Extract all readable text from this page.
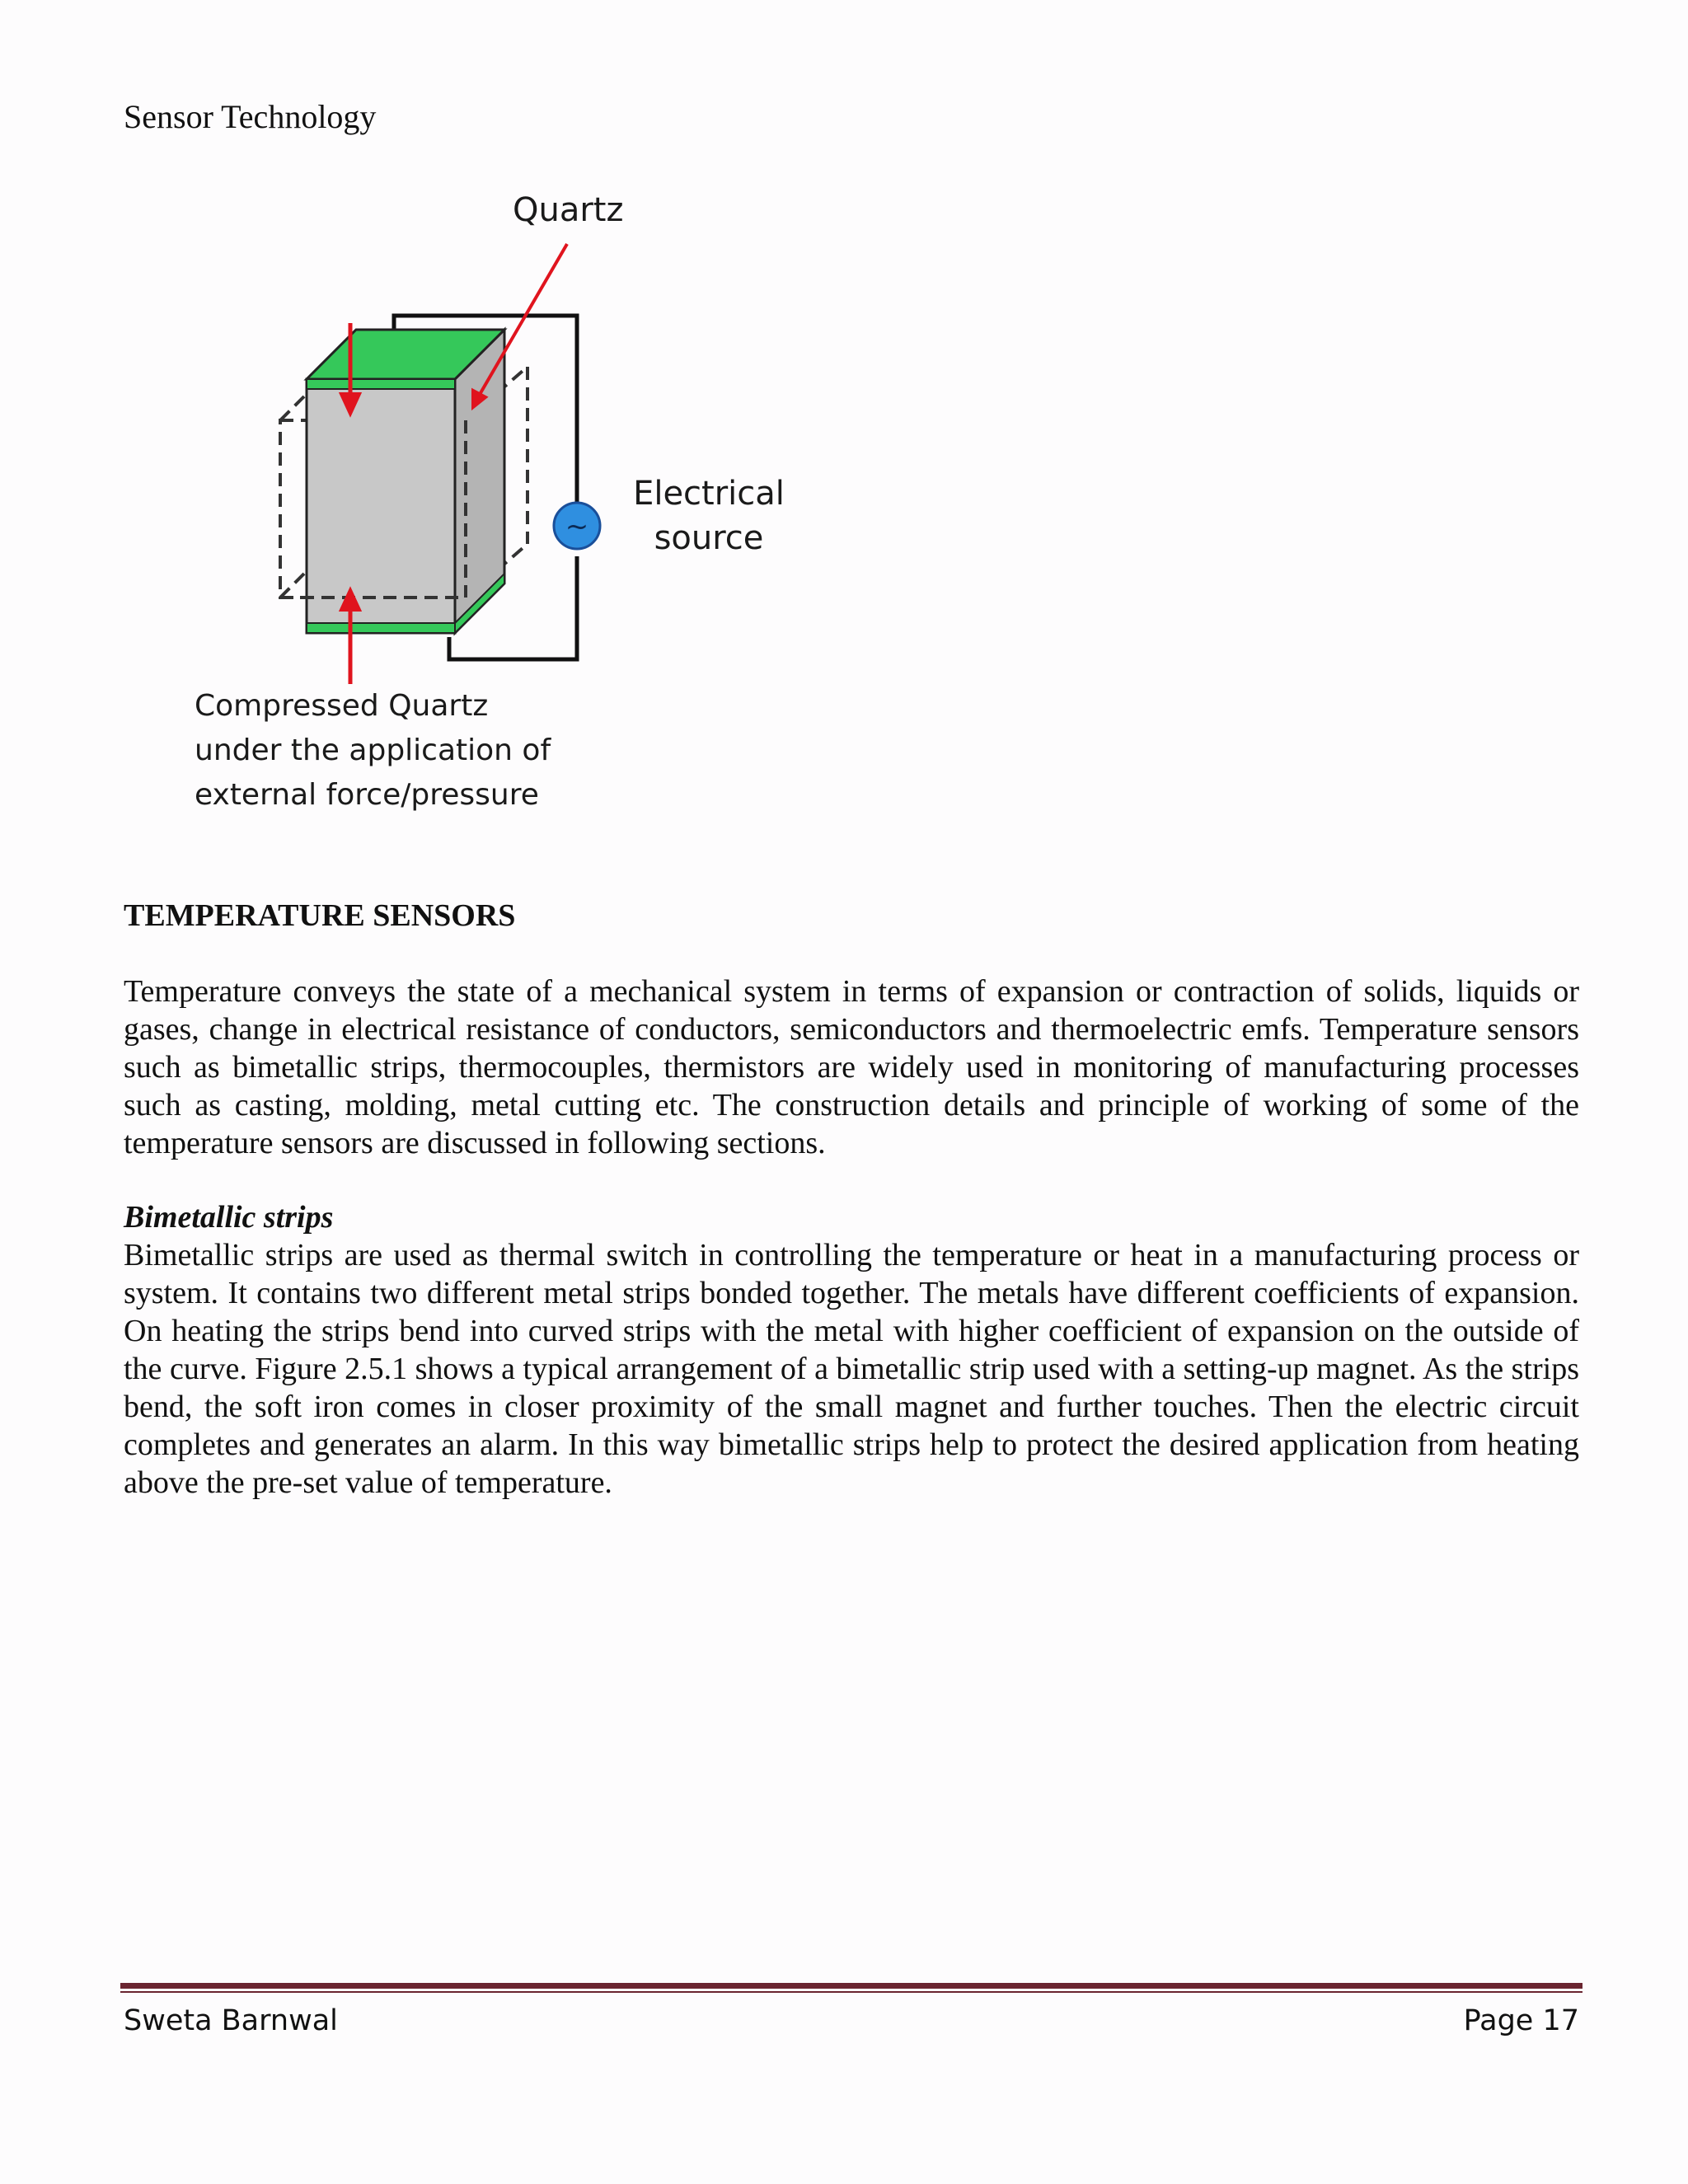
Sensor Technology
~
Quartz
Electrical
source
Compressed Quartz
under the application of
external force/pressure
TEMPERATURE SENSORS

Temperature conveys the state of a mechanical system in terms of expansion or contraction of solids, liquids or gases, change in electrical resistance of conductors, semiconductors and thermoelectric emfs. Temperature sensors such as bimetallic strips, thermocouples, thermistors are widely used in monitoring of manufacturing processes such as casting, molding, metal cutting etc. The construction details and principle of working of some of the temperature sensors are discussed in following sections.

Bimetallic strips

Bimetallic strips are used as thermal switch in controlling the temperature or heat in a manufacturing process or system. It contains two different metal strips bonded together. The metals have different coefficients of expansion. On heating the strips bend into curved strips with the metal with higher coefficient of expansion on the outside of the curve. Figure 2.5.1 shows a typical arrangement of a bimetallic strip used with a setting-up magnet. As the strips bend, the soft iron comes in closer proximity of the small magnet and further touches. Then the electric circuit completes and generates an alarm. In this way bimetallic strips help to protect the desired application from heating above the pre-set value of temperature.

Sweta Barnwal	Page 17
